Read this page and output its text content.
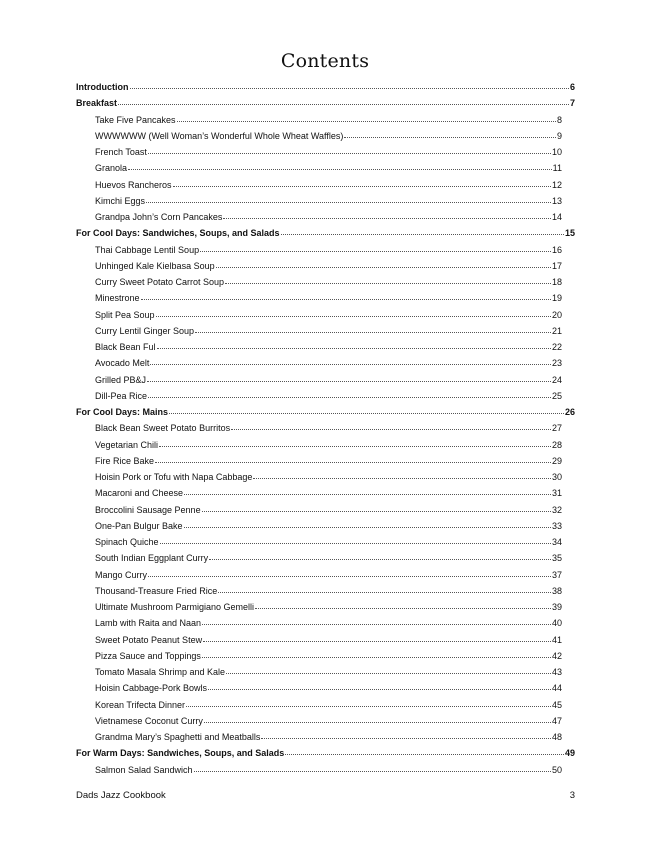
Contents
Introduction	6
Breakfast	7
Take Five Pancakes	8
WWWWWW (Well Woman’s Wonderful Whole Wheat Waffles)	9
French Toast	10
Granola	11
Huevos Rancheros	12
Kimchi Eggs	13
Grandpa John’s Corn Pancakes	14
For Cool Days: Sandwiches, Soups, and Salads	15
Thai Cabbage Lentil Soup	16
Unhinged Kale Kielbasa Soup	17
Curry Sweet Potato Carrot Soup	18
Minestrone	19
Split Pea Soup	20
Curry Lentil Ginger Soup	21
Black Bean Ful	22
Avocado Melt	23
Grilled PB&J	24
Dill-Pea Rice	25
For Cool Days: Mains	26
Black Bean Sweet Potato Burritos	27
Vegetarian Chili	28
Fire Rice Bake	29
Hoisin Pork or Tofu with Napa Cabbage	30
Macaroni and Cheese	31
Broccolini Sausage Penne	32
One-Pan Bulgur Bake	33
Spinach Quiche	34
South Indian Eggplant Curry	35
Mango Curry	37
Thousand-Treasure Fried Rice	38
Ultimate Mushroom Parmigiano Gemelli	39
Lamb with Raita and Naan	40
Sweet Potato Peanut Stew	41
Pizza Sauce and Toppings	42
Tomato Masala Shrimp and Kale	43
Hoisin Cabbage-Pork Bowls	44
Korean Trifecta Dinner	45
Vietnamese Coconut Curry	47
Grandma Mary’s Spaghetti and Meatballs	48
For Warm Days: Sandwiches, Soups, and Salads	49
Salmon Salad Sandwich	50
Dads Jazz Cookbook	3
